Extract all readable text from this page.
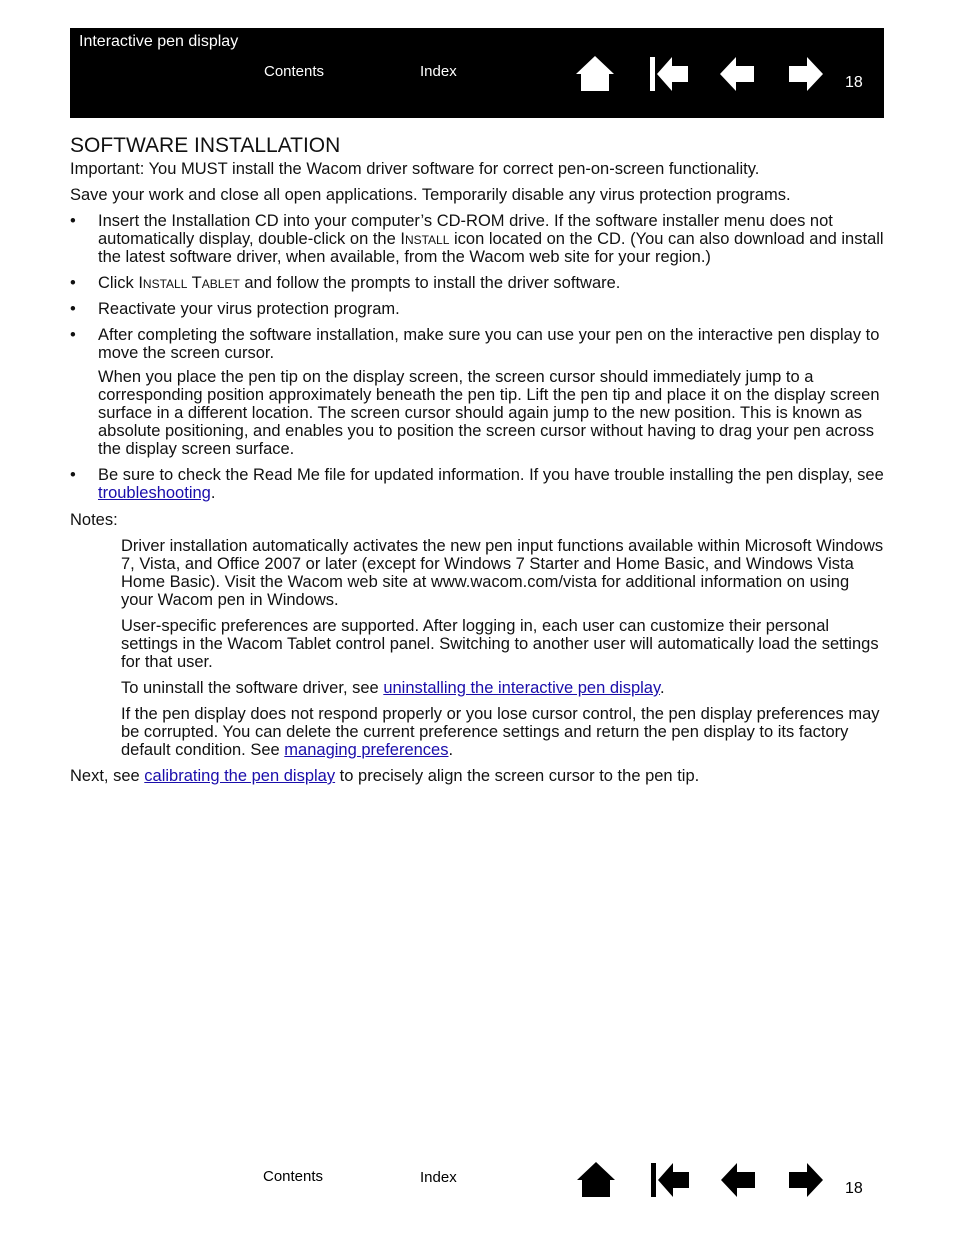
Interactive pen display
Contents	Index
18
SOFTWARE INSTALLATION

Important: You MUST install the Wacom driver software for correct pen-on-screen functionality.

Save your work and close all open applications. Temporarily disable any virus protection programs.

• Insert the Installation CD into your computer’s CD-ROM drive. If the software installer menu does not automatically display, double-click on the Install icon located on the CD. (You can also download and install the latest software driver, when available, from the Wacom web site for your region.)
• Click Install Tablet and follow the prompts to install the driver software.
• Reactivate your virus protection program.
• After completing the software installation, make sure you can use your pen on the interactive pen display to move the screen cursor.

When you place the pen tip on the display screen, the screen cursor should immediately jump to a corresponding position approximately beneath the pen tip. Lift the pen tip and place it on the display screen surface in a different location. The screen cursor should again jump to the new position. This is known as absolute positioning, and enables you to position the screen cursor without having to drag your pen across the display screen surface.

• Be sure to check the Read Me file for updated information. If you have trouble installing the pen display, see troubleshooting.

Notes:

Driver installation automatically activates the new pen input functions available within Microsoft Windows 7, Vista, and Office 2007 or later (except for Windows 7 Starter and Home Basic, and Windows Vista Home Basic). Visit the Wacom web site at www.wacom.com/vista for additional information on using your Wacom pen in Windows.

User-specific preferences are supported. After logging in, each user can customize their personal settings in the Wacom Tablet control panel. Switching to another user will automatically load the settings for that user.

To uninstall the software driver, see uninstalling the interactive pen display.

If the pen display does not respond properly or you lose cursor control, the pen display preferences may be corrupted. You can delete the current preference settings and return the pen display to its factory default condition. See managing preferences.

Next, see calibrating the pen display to precisely align the screen cursor to the pen tip.

Contents	Index
18
